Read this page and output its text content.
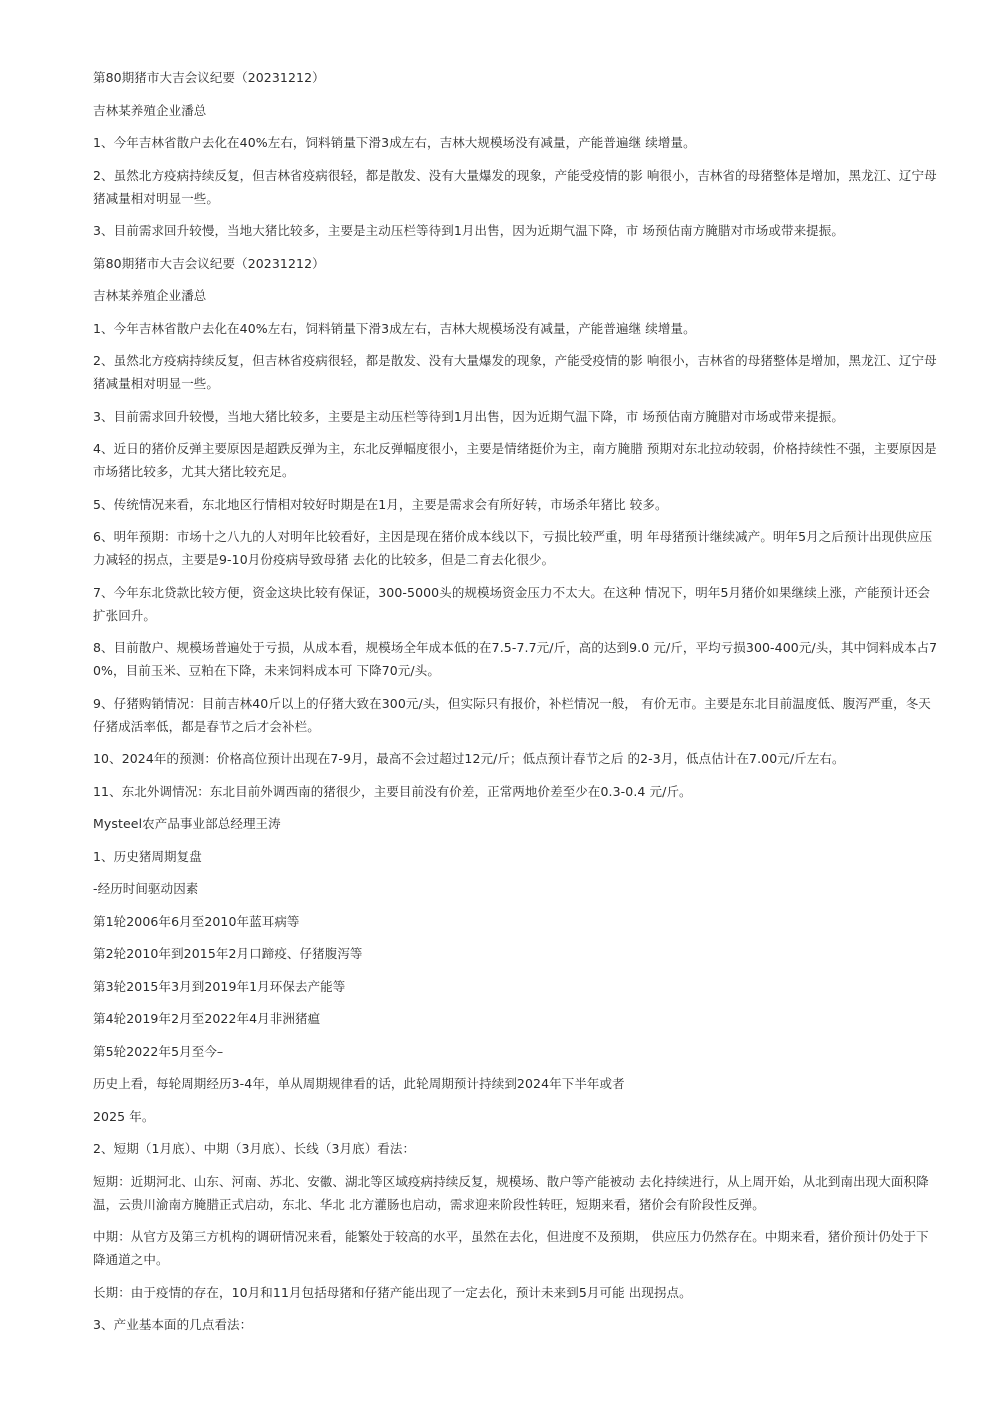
第80期猪市大吉会议纪要（20231212）

吉林某养殖企业潘总

1、今年吉林省散户去化在40%左右，饲料销量下滑3成左右，吉林大规模场没有减量，产能普遍继 续增量。

2、虽然北方疫病持续反复，但吉林省疫病很轻，都是散发、没有大量爆发的现象，产能受疫情的影 响很小，吉林省的母猪整体是增加，黑龙江、辽宁母猪减量相对明显一些。

3、目前需求回升较慢，当地大猪比较多，主要是主动压栏等待到1月出售，因为近期气温下降，市 场预估南方腌腊对市场或带来提振。

第80期猪市大吉会议纪要（20231212）

吉林某养殖企业潘总

1、今年吉林省散户去化在40%左右，饲料销量下滑3成左右，吉林大规模场没有减量，产能普遍继 续增量。

2、虽然北方疫病持续反复，但吉林省疫病很轻，都是散发、没有大量爆发的现象，产能受疫情的影 响很小，吉林省的母猪整体是增加，黑龙江、辽宁母猪减量相对明显一些。

3、目前需求回升较慢，当地大猪比较多，主要是主动压栏等待到1月出售，因为近期气温下降，市 场预估南方腌腊对市场或带来提振。

4、近日的猪价反弹主要原因是超跌反弹为主，东北反弹幅度很小，主要是情绪挺价为主，南方腌腊 预期对东北拉动较弱，价格持续性不强，主要原因是市场猪比较多，尤其大猪比较充足。

5、传统情况来看，东北地区行情相对较好时期是在1月，主要是需求会有所好转，市场杀年猪比 较多。

6、明年预期：市场十之八九的人对明年比较看好，主因是现在猪价成本线以下，亏损比较严重，明 年母猪预计继续减产。明年5月之后预计出现供应压力减轻的拐点，主要是9-10月份疫病导致母猪 去化的比较多，但是二育去化很少。

7、今年东北贷款比较方便，资金这块比较有保证，300-5000头的规模场资金压力不太大。在这种 情况下，明年5月猪价如果继续上涨，产能预计还会扩张回升。

8、目前散户、规模场普遍处于亏损，从成本看，规模场全年成本低的在7.5-7.7元/斤，高的达到9.0 元/斤，平均亏损300-400元/头，其中饲料成本占70%，目前玉米、豆粕在下降，未来饲料成本可 下降70元/头。

9、仔猪购销情况：目前吉林40斤以上的仔猪大致在300元/头，但实际只有报价，补栏情况一般， 有价无市。主要是东北目前温度低、腹泻严重，冬天仔猪成活率低，都是春节之后才会补栏。

10、2024年的预测：价格高位预计出现在7-9月，最高不会过超过12元/斤；低点预计春节之后 的2-3月，低点估计在7.00元/斤左右。

11、东北外调情况：东北目前外调西南的猪很少，主要目前没有价差，正常两地价差至少在0.3-0.4 元/斤。

Mysteel农产品事业部总经理王涛

1、历史猪周期复盘

-经历时间驱动因素

第1轮2006年6月至2010年蓝耳病等

第2轮2010年到2015年2月口蹄疫、仔猪腹泻等

第3轮2015年3月到2019年1月环保去产能等

第4轮2019年2月至2022年4月非洲猪瘟

第5轮2022年5月至今–

历史上看，每轮周期经历3-4年，单从周期规律看的话，此轮周期预计持续到2024年下半年或者

2025 年。

2、短期（1月底）、中期（3月底）、长线（3月底）看法：

短期：近期河北、山东、河南、苏北、安徽、湖北等区域疫病持续反复，规模场、散户等产能被动 去化持续进行，从上周开始，从北到南出现大面积降温，云贵川渝南方腌腊正式启动，东北、华北 北方灌肠也启动，需求迎来阶段性转旺，短期来看，猪价会有阶段性反弹。

中期：从官方及第三方机构的调研情况来看，能繁处于较高的水平，虽然在去化，但进度不及预期， 供应压力仍然存在。中期来看，猪价预计仍处于下降通道之中。

长期：由于疫情的存在，10月和11月包括母猪和仔猪产能出现了一定去化，预计未来到5月可能 出现拐点。

3、产业基本面的几点看法：
